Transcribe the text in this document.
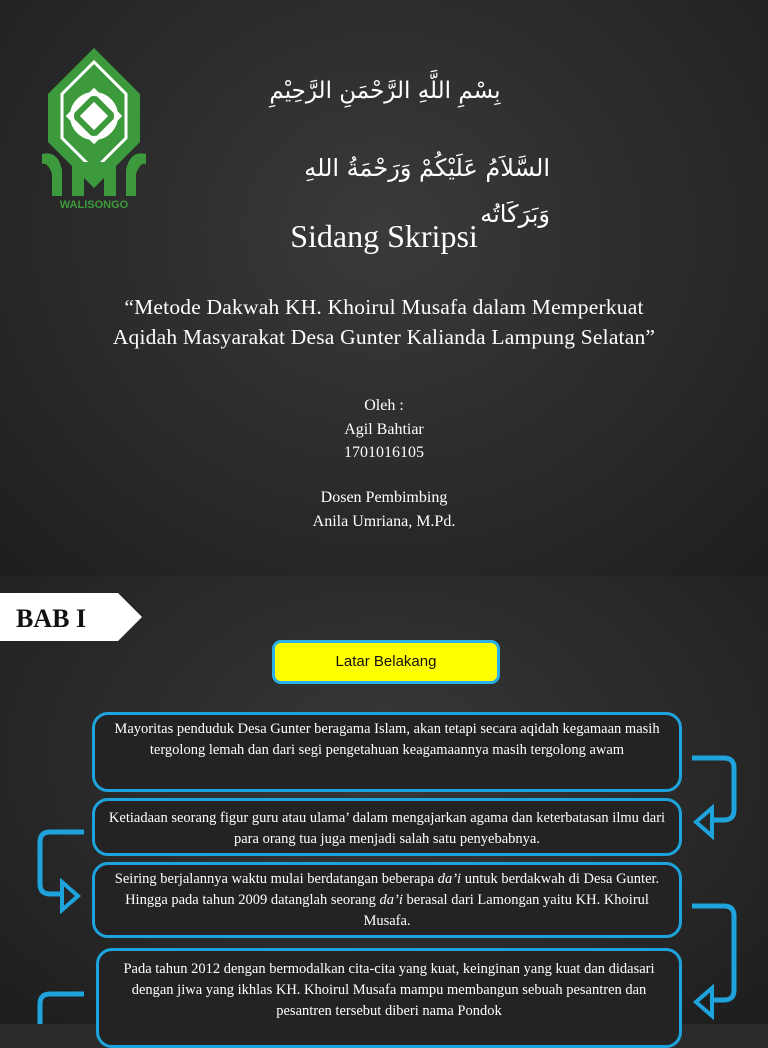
WALISONGO
بِسْمِ اللَّهِ الرَّحْمَنِ الرَّحِيْمِ
السَّلاَمُ عَلَيْكُمْ وَرَحْمَةُ اللهِ
وَبَرَكَاتُه
Sidang Skripsi
“Metode Dakwah KH. Khoirul Musafa dalam Memperkuat
Aqidah Masyarakat Desa Gunter Kalianda Lampung Selatan”
Oleh :
Agil Bahtiar
1701016105
Dosen Pembimbing
Anila Umriana, M.Pd.
BAB I
Latar Belakang
Mayoritas penduduk Desa Gunter beragama Islam, akan tetapi secara aqidah kegamaan masih tergolong lemah dan dari segi pengetahuan keagamaannya masih tergolong awam
Ketiadaan seorang figur guru atau ulama’ dalam mengajarkan agama dan keterbatasan ilmu dari para orang tua juga menjadi salah satu penyebabnya.
Seiring berjalannya waktu mulai berdatangan beberapa da’i untuk berdakwah di Desa Gunter. Hingga pada tahun 2009 datanglah seorang da’i berasal dari Lamongan yaitu KH. Khoirul Musafa.
Pada tahun 2012 dengan bermodalkan cita-cita yang kuat, keinginan yang kuat dan didasari dengan jiwa yang ikhlas KH. Khoirul Musafa mampu membangun sebuah pesantren dan pesantren tersebut diberi nama Pondok
